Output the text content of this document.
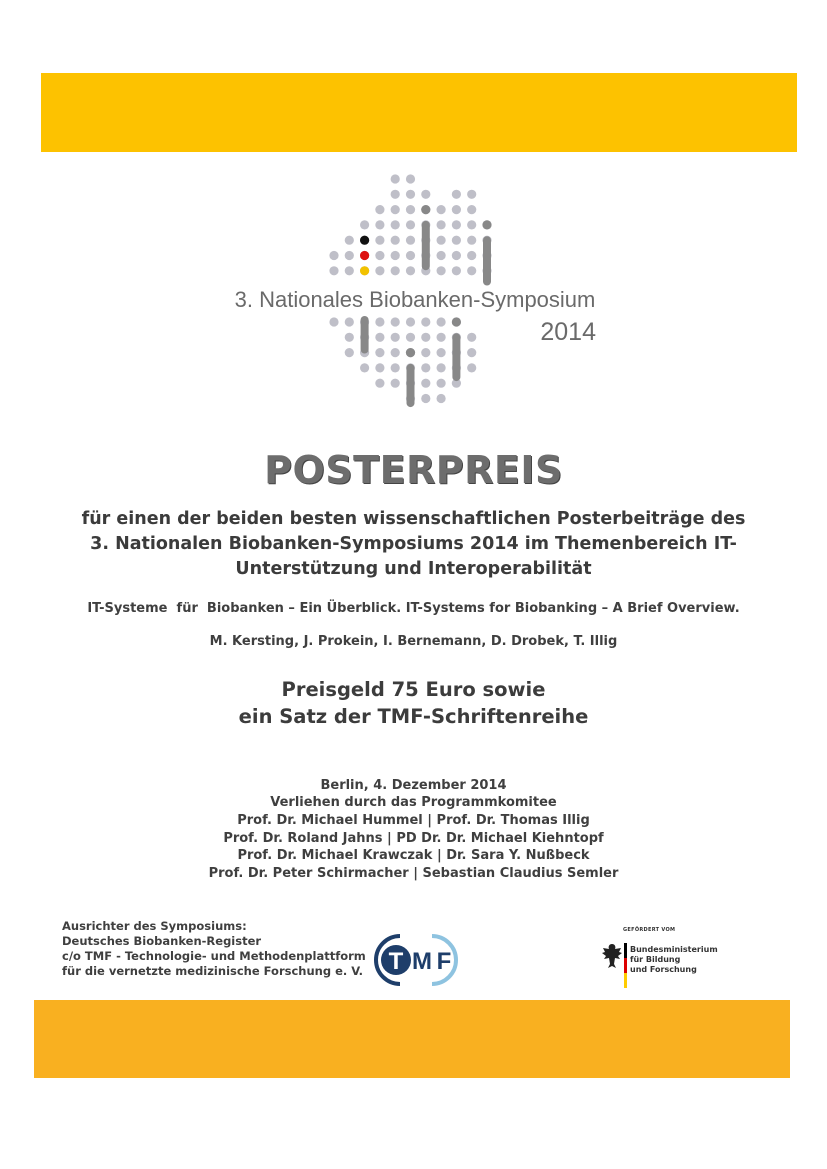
3. Nationales Biobanken-Symposium
2014
POSTERPREIS
für einen der beiden besten wissenschaftlichen Posterbeiträge des
3. Nationalen Biobanken-Symposiums 2014 im Themenbereich IT-
Unterstützung und Interoperabilität
IT-Systeme  für  Biobanken – Ein Überblick. IT-Systems for Biobanking – A Brief Overview.
M. Kersting, J. Prokein, I. Bernemann, D. Drobek, T. Illig
Preisgeld 75 Euro sowie
ein Satz der TMF-Schriftenreihe
Berlin, 4. Dezember 2014
Verliehen durch das Programmkomitee
Prof. Dr. Michael Hummel | Prof. Dr. Thomas Illig
Prof. Dr. Roland Jahns | PD Dr. Dr. Michael Kiehntopf
Prof. Dr. Michael Krawczak | Dr. Sara Y. Nußbeck
Prof. Dr. Peter Schirmacher | Sebastian Claudius Semler
Ausrichter des Symposiums:
Deutsches Biobanken-Register
c/o TMF - Technologie- und Methodenplattform
für die vernetzte medizinische Forschung e. V. T M F
GEFÖRDERT VOM
Bundesministerium
für Bildung
und Forschung
